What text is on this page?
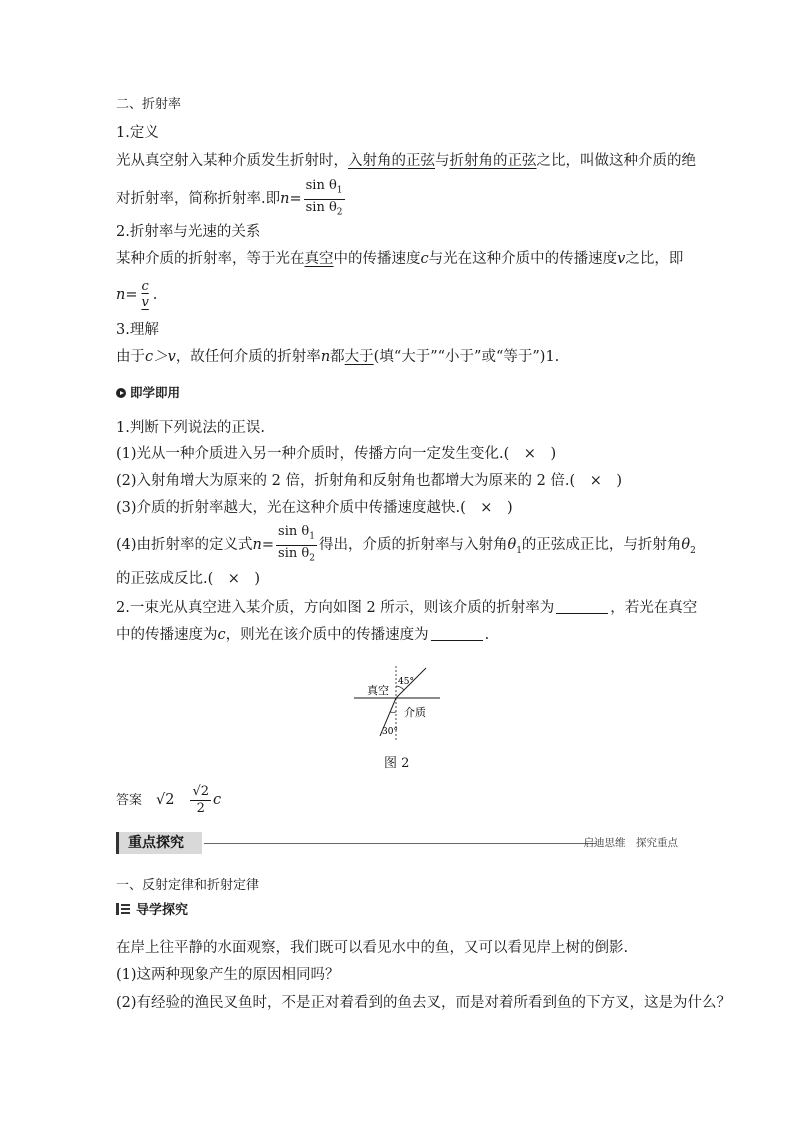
二、折射率
1.定义
光从真空射入某种介质发生折射时，入射角的正弦与折射角的正弦之比，叫做这种介质的绝
对折射率，简称折射率.即$n= \frac{\sin \theta_1}{\sin \theta_2}$
2.折射率与光速的关系
某种介质的折射率，等于光在真空中的传播速度c与光在这种介质中的传播速度v之比，即
$n= \frac{c}{v}$ .
3.理解
由于c＞v，故任何介质的折射率n都大于(填“大于”“小于”或“等于”)1.
即学即用
1.判断下列说法的正误.
(1)光从一种介质进入另一种介质时，传播方向一定发生变化.(　×　)
(2)入射角增大为原来的 2 倍，折射角和反射角也都增大为原来的 2 倍.(　×　)
(3)介质的折射率越大，光在这种介质中传播速度越快.(　×　)
(4)由折射率的定义式$n= \frac{\sin \theta_1}{\sin \theta_2}$ 得出，介质的折射率与入射角$\theta_1$的正弦成正比，与折射角$\theta_2$
的正弦成反比.(　×　)
2.一束光从真空进入某介质，方向如图 2 所示，则该介质的折射率为	，若光在真空
中的传播速度为c，则光在该介质中的传播速度为	.
45°
真空
介质
30°
图 2
答案 $√2 \frac{√2}{2}$ c
重点探究	启迪思维　探究重点
一、反射定律和折射定律
导学探究
在岸上往平静的水面观察，我们既可以看见水中的鱼，又可以看见岸上树的倒影.
(1)这两种现象产生的原因相同吗？
(2)有经验的渔民叉鱼时，不是正对着看到的鱼去叉，而是对着所看到鱼的下方叉，这是为什么？
